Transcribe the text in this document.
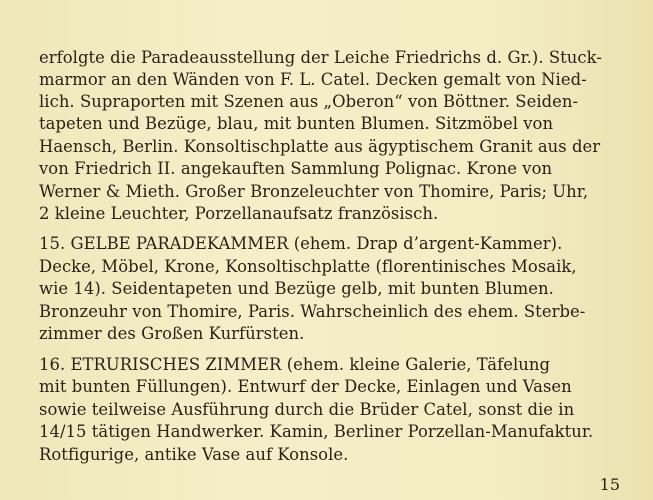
erfolgte die Paradeausstellung der Leiche Friedrichs d. Gr.). Stuck-

marmor an den Wänden von F. L. Catel. Decken gemalt von Nied-

lich. Supraporten mit Szenen aus „Oberon“ von Böttner. Seiden-

tapeten und Bezüge, blau, mit bunten Blumen. Sitzmöbel von

Haensch, Berlin. Konsoltischplatte aus ägyptischem Granit aus der

von Friedrich II. angekauften Sammlung Polignac. Krone von

Werner & Mieth. Großer Bronzeleuchter von Thomire, Paris; Uhr,

2 kleine Leuchter, Porzellanaufsatz französisch.

15. GELBE PARADEKAMMER (ehem. Drap d’argent-Kammer).

Decke, Möbel, Krone, Konsoltischplatte (florentinisches Mosaik,

wie 14). Seidentapeten und Bezüge gelb, mit bunten Blumen.

Bronzeuhr von Thomire, Paris. Wahrscheinlich des ehem. Sterbe-

zimmer des Großen Kurfürsten.

16. ETRURISCHES ZIMMER (ehem. kleine Galerie, Täfelung

mit bunten Füllungen). Entwurf der Decke, Einlagen und Vasen

sowie teilweise Ausführung durch die Brüder Catel, sonst die in

14/15 tätigen Handwerker. Kamin, Berliner Porzellan-Manufaktur.

Rotfigurige, antike Vase auf Konsole.

15
